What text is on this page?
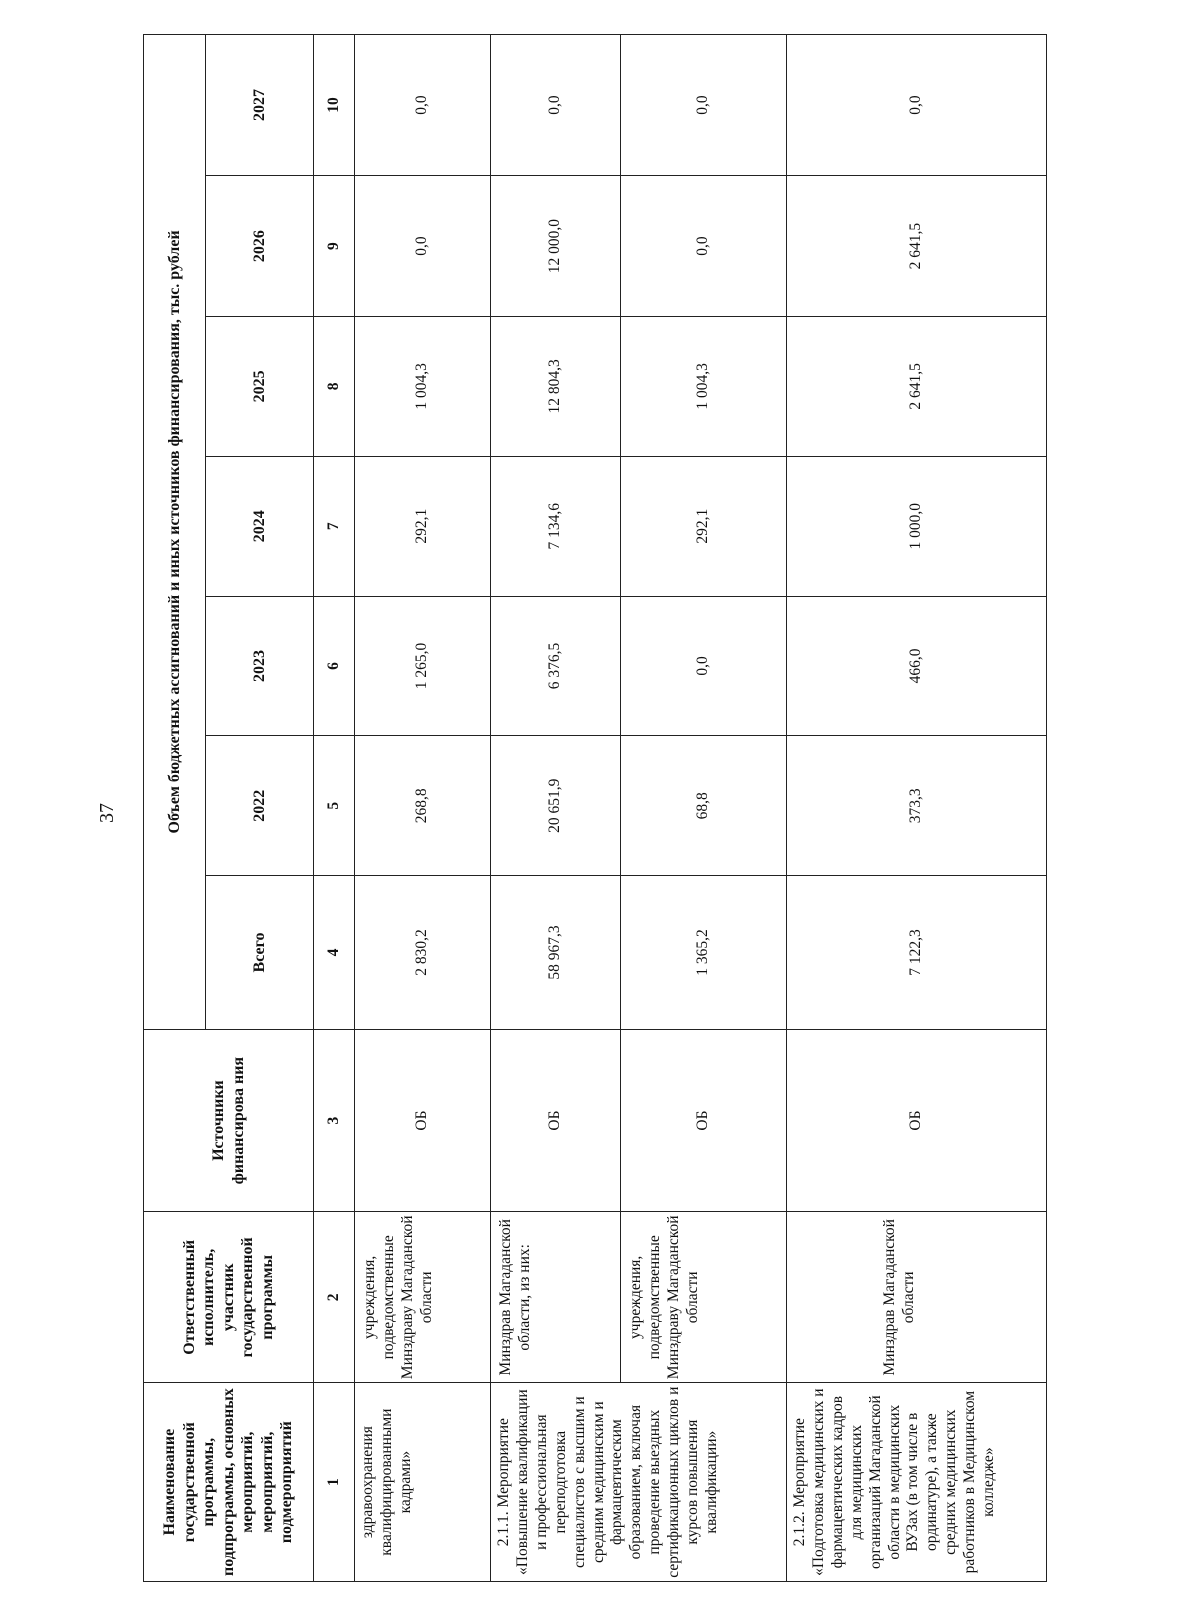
37
Наименование государственной программы, подпрограммы, основных мероприятий, мероприятий, подмероприятий	Ответственный исполнитель, участник государственной программы	Источники финансирова ния	Объем бюджетных ассигнований и иных источников финансирования, тыс. рублей						
			Всего	2022	2023	2024	2025	2026	2027
1	2	3	4	5	6	7	8	9	10
здравоохранения квалифицированными кадрами»	учреждения, подведомственные Минздраву Магаданской области	ОБ	2 830,2	268,8	1 265,0	292,1	1 004,3	0,0	0,0
2.1.1. Мероприятие «Повышение квалификации и профессиональная переподготовка специалистов с высшим и средним медицинским и фармацевтическим образованием, включая проведение выездных сертификационных циклов и курсов повышения квалификации»	Минздрав Магаданской области, из них:	ОБ	58 967,3	20 651,9	6 376,5	7 134,6	12 804,3	12 000,0	0,0
	учреждения, подведомственные Минздраву Магаданской области	ОБ	1 365,2	68,8	0,0	292,1	1 004,3	0,0	0,0
2.1.2. Мероприятие «Подготовка медицинских и фармацевтических кадров для медицинских организаций Магаданской области в медицинских ВУЗах (в том числе в ординатуре), а также средних медицинских работников в Медицинском колледже»	Минздрав Магаданской области	ОБ	7 122,3	373,3	466,0	1 000,0	2 641,5	2 641,5	0,0
